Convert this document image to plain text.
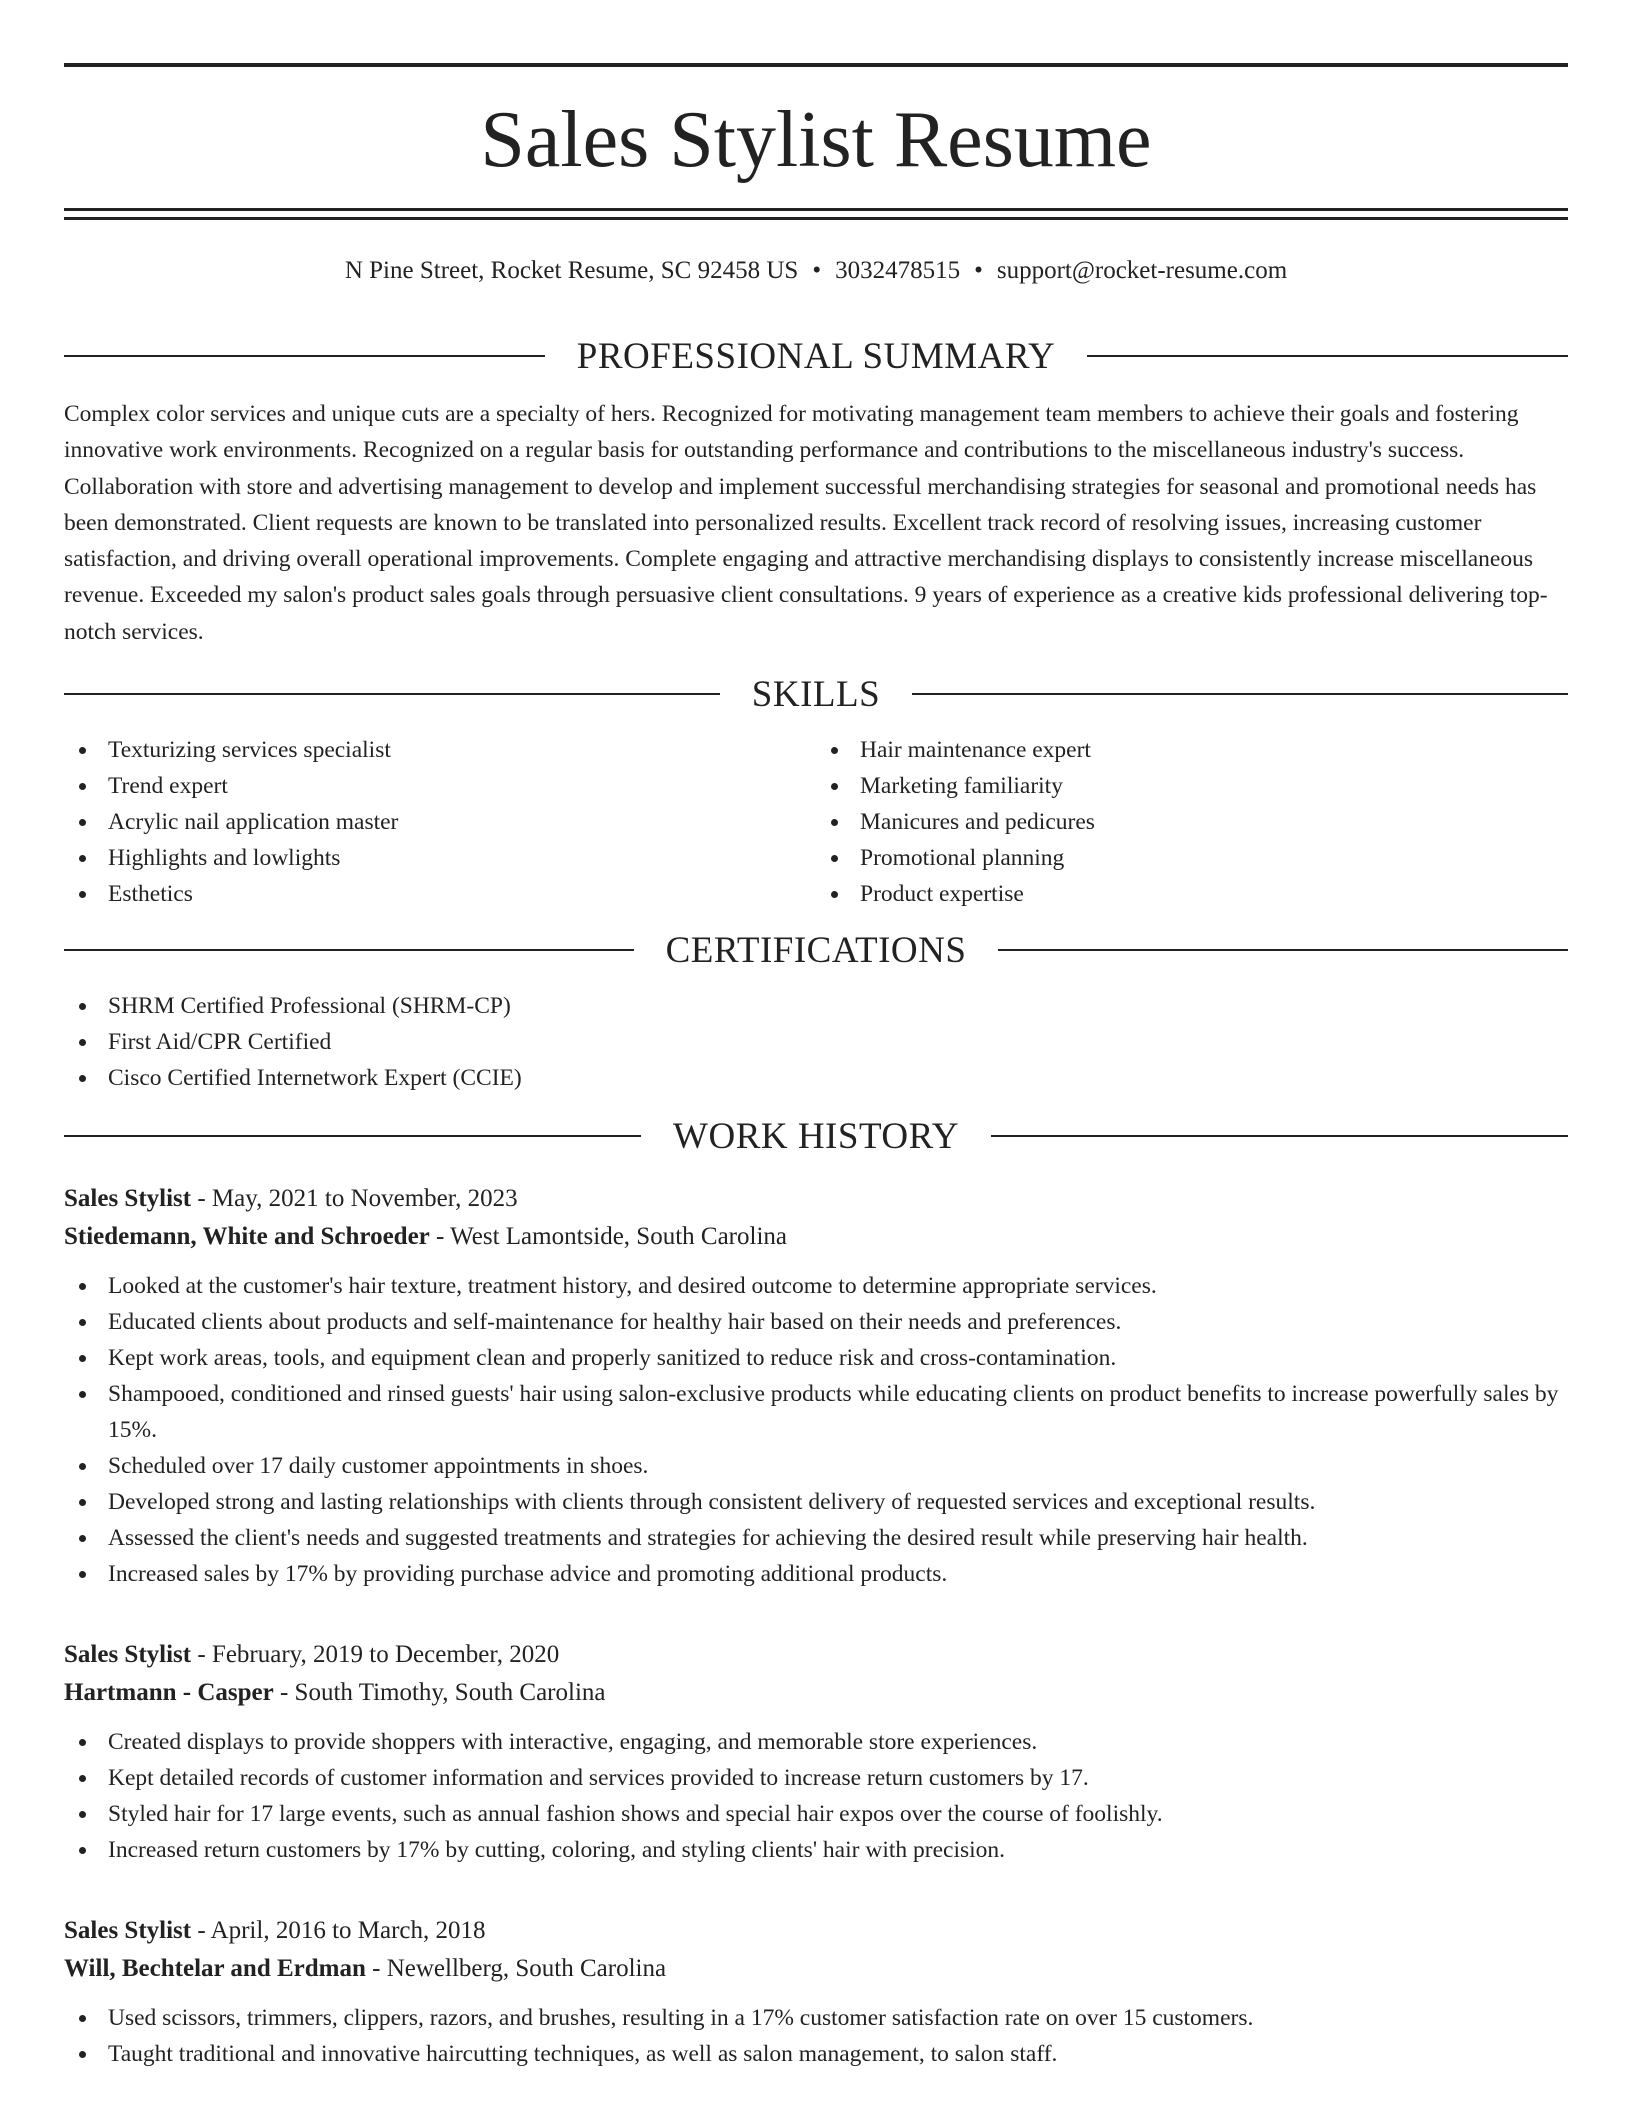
Sales Stylist Resume
N Pine Street, Rocket Resume, SC 92458 US • 3032478515 • support@rocket-resume.com
PROFESSIONAL SUMMARY

Complex color services and unique cuts are a specialty of hers. Recognized for motivating management team members to achieve their goals and fostering innovative work environments. Recognized on a regular basis for outstanding performance and contributions to the miscellaneous industry's success. Collaboration with store and advertising management to develop and implement successful merchandising strategies for seasonal and promotional needs has been demonstrated. Client requests are known to be translated into personalized results. Excellent track record of resolving issues, increasing customer satisfaction, and driving overall operational improvements. Complete engaging and attractive merchandising displays to consistently increase miscellaneous revenue. Exceeded my salon's product sales goals through persuasive client consultations. 9 years of experience as a creative kids professional delivering top-notch services.

SKILLS
Texturizing services specialist
Trend expert
Acrylic nail application master
Highlights and lowlights
Esthetics
Hair maintenance expert
Marketing familiarity
Manicures and pedicures
Promotional planning
Product expertise
CERTIFICATIONS
SHRM Certified Professional (SHRM-CP)
First Aid/CPR Certified
Cisco Certified Internetwork Expert (CCIE)
WORK HISTORY
Sales Stylist - May, 2021 to November, 2023
Stiedemann, White and Schroeder - West Lamontside, South Carolina
Looked at the customer's hair texture, treatment history, and desired outcome to determine appropriate services.
Educated clients about products and self-maintenance for healthy hair based on their needs and preferences.
Kept work areas, tools, and equipment clean and properly sanitized to reduce risk and cross-contamination.
Shampooed, conditioned and rinsed guests' hair using salon-exclusive products while educating clients on product benefits to increase powerfully sales by 15%.
Scheduled over 17 daily customer appointments in shoes.
Developed strong and lasting relationships with clients through consistent delivery of requested services and exceptional results.
Assessed the client's needs and suggested treatments and strategies for achieving the desired result while preserving hair health.
Increased sales by 17% by providing purchase advice and promoting additional products.
Sales Stylist - February, 2019 to December, 2020
Hartmann - Casper - South Timothy, South Carolina
Created displays to provide shoppers with interactive, engaging, and memorable store experiences.
Kept detailed records of customer information and services provided to increase return customers by 17.
Styled hair for 17 large events, such as annual fashion shows and special hair expos over the course of foolishly.
Increased return customers by 17% by cutting, coloring, and styling clients' hair with precision.
Sales Stylist - April, 2016 to March, 2018
Will, Bechtelar and Erdman - Newellberg, South Carolina
Used scissors, trimmers, clippers, razors, and brushes, resulting in a 17% customer satisfaction rate on over 15 customers.
Taught traditional and innovative haircutting techniques, as well as salon management, to salon staff.
